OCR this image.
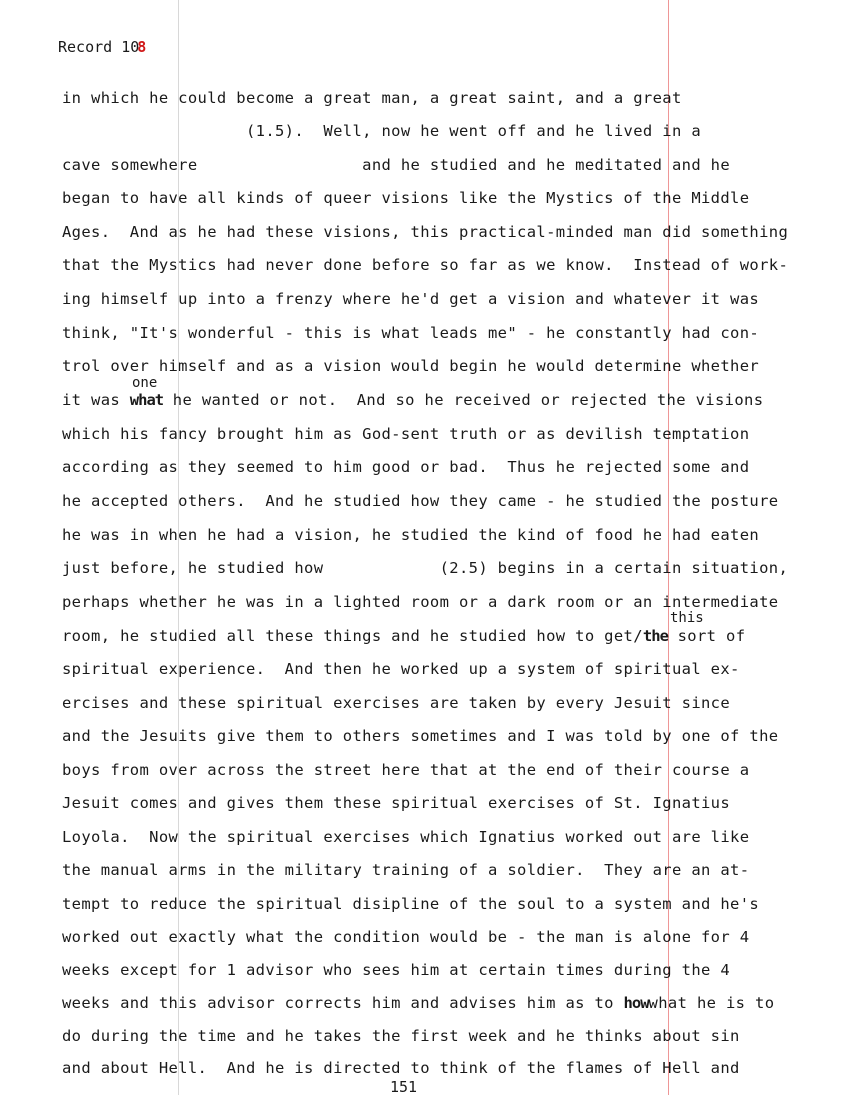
Record 108
in which he could become a great man, a great saint, and a great
(1.5).  Well, now he went off and he lived in a
cave somewhere                 and he studied and he meditated and he
began to have all kinds of queer visions like the Mystics of the Middle
Ages.  And as he had these visions, this practical-minded man did something
that the Mystics had never done before so far as we know.  Instead of work-
ing himself up into a frenzy where he'd get a vision and whatever it was
think, "It's wonderful - this is what leads me" - he constantly had con-
trol over himself and as a vision would begin he would determine whether
one
it was what he wanted or not.  And so he received or rejected the visions
which his fancy brought him as God-sent truth or as devilish temptation
according as they seemed to him good or bad.  Thus he rejected some and
he accepted others.  And he studied how they came - he studied the posture
he was in when he had a vision, he studied the kind of food he had eaten
just before, he studied how            (2.5) begins in a certain situation,
perhaps whether he was in a lighted room or a dark room or an intermediate
this
room, he studied all these things and he studied how to get/the sort of
spiritual experience.  And then he worked up a system of spiritual ex-
ercises and these spiritual exercises are taken by every Jesuit since
and the Jesuits give them to others sometimes and I was told by one of the
boys from over across the street here that at the end of their course a
Jesuit comes and gives them these spiritual exercises of St. Ignatius
Loyola.  Now the spiritual exercises which Ignatius worked out are like
the manual arms in the military training of a soldier.  They are an at-
tempt to reduce the spiritual disipline of the soul to a system and he's
worked out exactly what the condition would be - the man is alone for 4
weeks except for 1 advisor who sees him at certain times during the 4
weeks and this advisor corrects him and advises him as to howwhat he is to
do during the time and he takes the first week and he thinks about sin
and about Hell.  And he is directed to think of the flames of Hell and
151
